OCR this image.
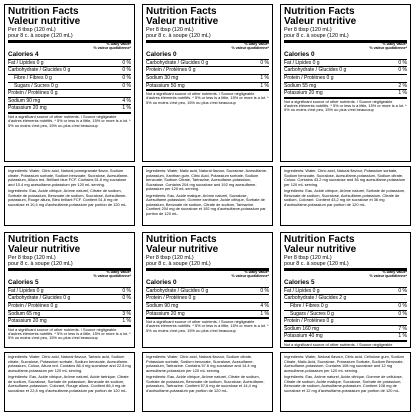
Nutrition Facts
Valeur nutritive
Per 8 tbsp (120 mL)
pour 8 c. à soupe (120 mL)
% Daily Value*
% valeur quotidienne*
Calories 4
Fat / Lipides 0 g	0 %
Carbohydrate / Glucides 0 g	0 %
Fibre / Fibres 0 g	0 %
Sugars / Sucres 0 g	0 %
Protein / Protéines 0 g
Sodium 90 mg	4 %
Potassium 20 mg	1 %
Not a significant source of other nutrients. / Source négligeable d'autres éléments nutritifs. * 5% or less is a little, 15% or more is a lot. * 5% ou moins c'est peu, 15% ou plus c'est beaucoup
Ingredients: Water, Citric acid, Natural pomegranate flavor, Sodium citrate, Potassium sorbate, Sodium benzoate, Sucralose, Acesulfame-potassium, Allura red, Brilliant blue FCF. Contains 51.6 mg sucralose and 10.4 mg acesulfame-potassium per 120 mL serving.
Ingrédients: Eau, Acide citrique, Arôme naturel, Citrate de sodium, Sorbate de potassium, Benzoate de sodium, Sucralose, Acésulfame-potassium, Rouge allura, Bleu brillant FCF. Contient 51,6 mg de sucralose et 10,4 mg d'acésulfame-potassium par portion de 120 mL.
Nutrition Facts
Valeur nutritive
Per 8 tbsp (120 mL)
pour 8 c. à soupe (120 mL)
% Daily Value*
% valeur quotidienne*
Calories 0
Carbohydrate / Glucides 0 g	0 %
Protein / Protéines 0 g
Sodium 30 mg	1 %
Potassium 50 mg	1 %
Not a significant source of other nutrients. / Source négligeable d'autres éléments nutritifs. * 5% or less is a little, 15% or more is a lot. * 5% ou moins c'est peu, 15% ou plus c'est beaucoup
Ingredients: Water, Malic acid, Natural flavour, Sucralose, Acesulfame-potassium, Xanthan gum, Citric Acid, Potassium sorbate, Sodium benzoate, Sodium Citrate, Tartrazine, Acesulfame-potassium, Sucralose. Contains 204 mg sucralose and 192 mg acesulfame-potassium per 120 mL serving.
Ingrédients: Eau, Acide malique, Arôme naturel, Sucralose, Acésulfame-potassium, Gomme xanthane, Acide citrique, Sorbate de potassium, Benzoate de sodium, Citrate de sodium, Tartrazine. Contient 204 mg de sucralose et 192 mg d'acésulfame-potassium par portion de 120 mL.
Nutrition Facts
Valeur nutritive
Per 8 tbsp (120 mL)
pour 8 c. à soupe (120 mL)
% Daily Value*
% valeur quotidienne*
Calories 0
Fat / Lipides 0 g	0 %
Carbohydrate / Glucides 0 g	0 %
Protein / Protéines 0 g
Sodium 55 mg	2 %
Potassium 20 mg	1 %
Not a significant source of other nutrients. / Source négligeable d'autres éléments nutritifs. * 5% or less is a little, 15% or more is a lot. * 5% ou moins c'est peu, 15% ou plus c'est beaucoup
Ingredients: Water, Citric acid, Natural flavour, Potassium sorbate, Sodium benzoate, Sucralose, Acesulfame-potassium, Sodium citrate, Colour. Contains 43.2 mg sucralose and 36 mg acesulfame-potassium per 120 mL serving.
Ingrédients: Eau, Acide citrique, Arôme naturel, Sorbate de potassium, Benzoate de sodium, Sucralose, Acésulfame-potassium, Citrate de sodium, Colorant. Contient 43,2 mg de sucralose et 36 mg d'acésulfame-potassium par portion de 120 mL.
Nutrition Facts
Valeur nutritive
Per 8 tbsp (120 mL)
pour 8 c. à soupe (120 mL)
% Daily Value*
% valeur quotidienne*
Calories 5
Fat / Lipides 0 g	0 %
Carbohydrate / Glucides 0 g	0 %
Protein / Protéines 0 g
Sodium 65 mg	3 %
Potassium 20 mg	1 %
Not a significant source of other nutrients. / Source négligeable d'autres éléments nutritifs. * 5% or less is a little, 15% or more is a lot. * 5% ou moins c'est peu, 15% ou plus c'est beaucoup
Ingredients: Water, Citric acid, Natural flavour, Tartaric acid, Sodium citrate, Sucralose, Potassium sorbate, Sodium benzoate, Acesulfame-potassium, Colour, Allura red. Contains 86.4 mg sucralose and 22.8 mg acesulfame-potassium per 120 mL serving.
Ingrédients: Eau, Acide citrique, Arôme naturel, Acide tartrique, Citrate de sodium, Sucralose, Sorbate de potassium, Benzoate de sodium, Acésulfame-potassium, Colorant, Rouge allura. Contient 86,4 mg de sucralose et 22,8 mg d'acésulfame-potassium par portion de 120 mL.
Nutrition Facts
Valeur nutritive
Per 8 tbsp (120 mL)
pour 8 c. à soupe (120 mL)
% Daily Value*
% valeur quotidienne*
Calories 0
Carbohydrate / Glucides 0 g	0 %
Protein / Protéines 0 g
Sodium 90 mg	4 %
Potassium 20 mg	1 %
Not a significant source of other nutrients. / Source négligeable d'autres éléments nutritifs. * 5% or less is a little, 15% or more is a lot. * 5% ou moins c'est peu, 15% ou plus c'est beaucoup
Ingredients: Water, Citric acid, Natural flavour, Sodium citrate, Potassium sorbate, Sodium benzoate, Sucralose, Acesulfame-potassium, Tartrazine. Contains 57.6 mg sucralose and 14.4 mg acesulfame-potassium per 120 mL serving.
Ingrédients: Eau, Acide citrique, Arôme naturel, Citrate de sodium, Sorbate de potassium, Benzoate de sodium, Sucralose, Acésulfame-potassium, Tartrazine. Contient 57,6 mg de sucralose et 14,4 mg d'acésulfame-potassium par portion de 120 mL.
Nutrition Facts
Valeur nutritive
Per 8 tbsp (120 mL)
pour 8 c. à soupe (120 mL)
% Daily Value*
% valeur quotidienne*
Calories 5
Fat / Lipides 0 g	0 %
Carbohydrate / Glucides 2 g
Fibre / Fibres 0 g	0 %
Sugars / Sucres 0 g	0 %
Protein / Protéines 0 g
Sodium 160 mg	7 %
Potassium 40 mg	1 %
Not a significant source of other nutrients. / Source négligeable
Ingredients: Water, Natural flavour, Citric acid, Cellulose gum, Sodium Citrate, Malic Acid, Sucralose, Potassium Sorbate, Sodium Benzoate, Acesulfame-potassium. Contains 108 mg sucralose and 12 mg acesulfame-potassium per 120 mL serving.
Ingrédients: Eau, Arôme naturel, Acide citrique, Gomme de cellulose, Citrate de sodium, Acide malique, Sucralose, Sorbate de potassium, Benzoate de sodium, Acésulfame-potassium. Contient 108 mg de sucralose et 12 mg d'acésulfame-potassium par portion de 120 mL.
